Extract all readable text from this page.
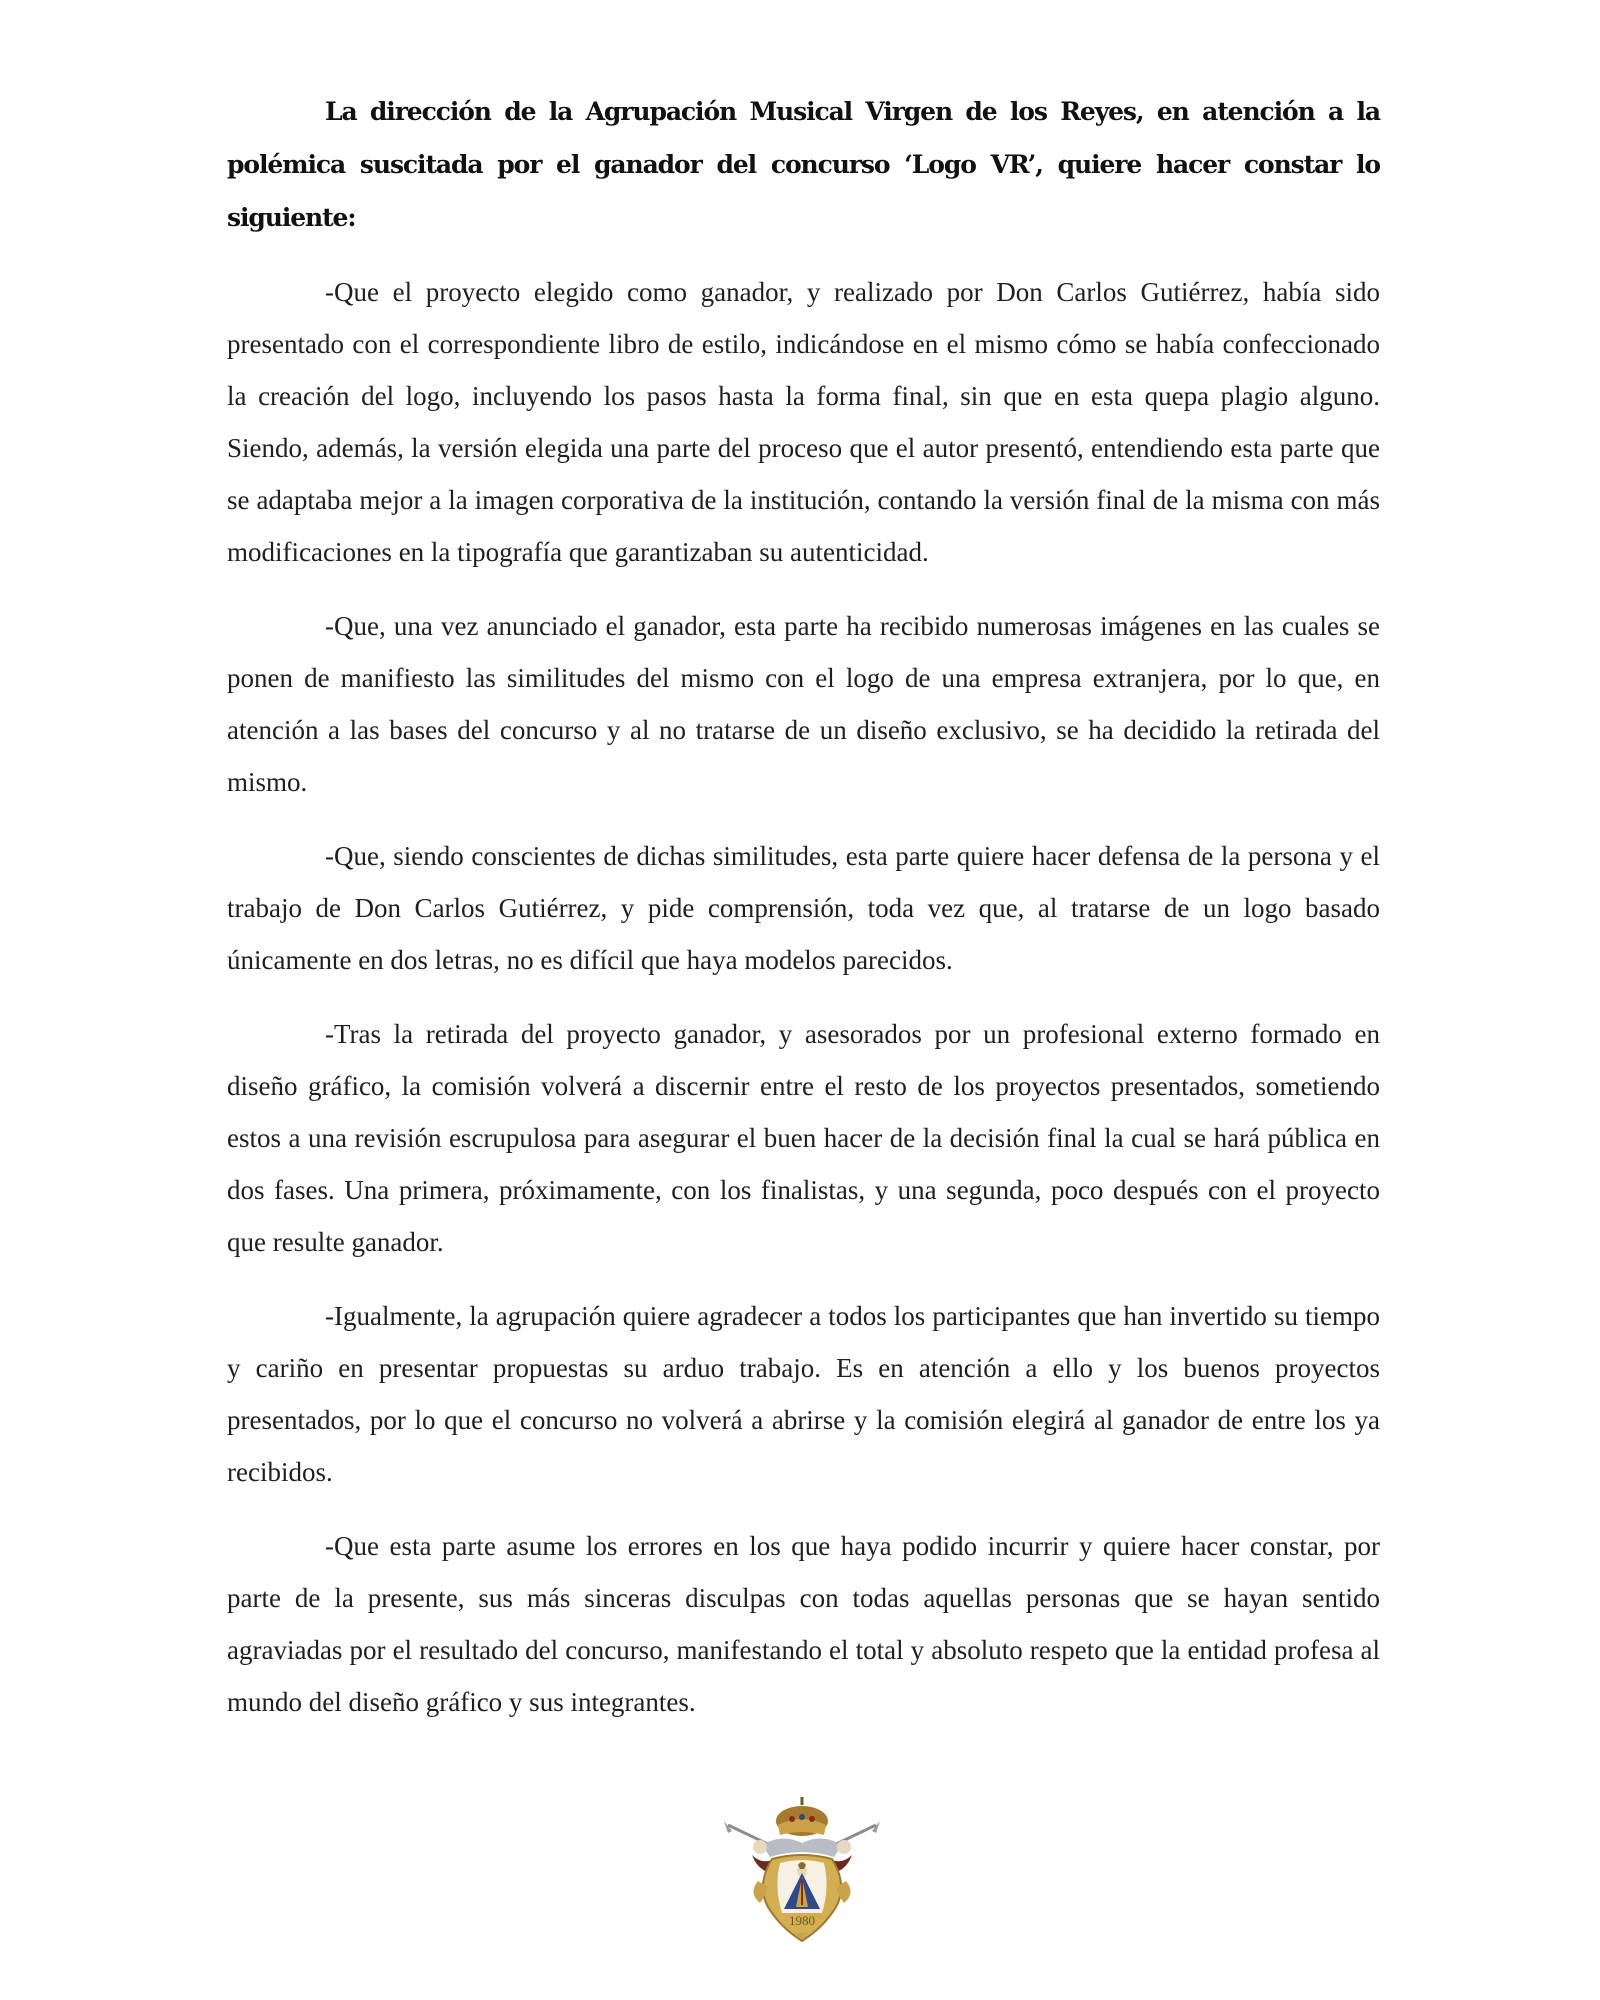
La dirección de la Agrupación Musical Virgen de los Reyes, en atención a la polémica suscitada por el ganador del concurso ‘Logo VR’, quiere hacer constar lo siguiente:

-Que el proyecto elegido como ganador, y realizado por Don Carlos Gutiérrez, había sido presentado con el correspondiente libro de estilo, indicándose en el mismo cómo se había confeccionado la creación del logo, incluyendo los pasos hasta la forma final, sin que en esta quepa plagio alguno. Siendo, además, la versión elegida una parte del proceso que el autor presentó, entendiendo esta parte que se adaptaba mejor a la imagen corporativa de la institución, contando la versión final de la misma con más modificaciones en la tipografía que garantizaban su autenticidad.

-Que, una vez anunciado el ganador, esta parte ha recibido numerosas imágenes en las cuales se ponen de manifiesto las similitudes del mismo con el logo de una empresa extranjera, por lo que, en atención a las bases del concurso y al no tratarse de un diseño exclusivo, se ha decidido la retirada del mismo.

-Que, siendo conscientes de dichas similitudes, esta parte quiere hacer defensa de la persona y el trabajo de Don Carlos Gutiérrez, y pide comprensión, toda vez que, al tratarse de un logo basado únicamente en dos letras, no es difícil que haya modelos parecidos.

-Tras la retirada del proyecto ganador, y asesorados por un profesional externo formado en diseño gráfico, la comisión volverá a discernir entre el resto de los proyectos presentados, sometiendo estos a una revisión escrupulosa para asegurar el buen hacer de la decisión final la cual se hará pública en dos fases. Una primera, próximamente, con los finalistas, y una segunda, poco después con el proyecto que resulte ganador.

-Igualmente, la agrupación quiere agradecer a todos los participantes que han invertido su tiempo y cariño en presentar propuestas su arduo trabajo. Es en atención a ello y los buenos proyectos presentados, por lo que el concurso no volverá a abrirse y la comisión elegirá al ganador de entre los ya recibidos.

-Que esta parte asume los errores en los que haya podido incurrir y quiere hacer constar, por parte de la presente, sus más sinceras disculpas con todas aquellas personas que se hayan sentido agraviadas por el resultado del concurso, manifestando el total y absoluto respeto que la entidad profesa al mundo del diseño gráfico y sus integrantes.

1980
